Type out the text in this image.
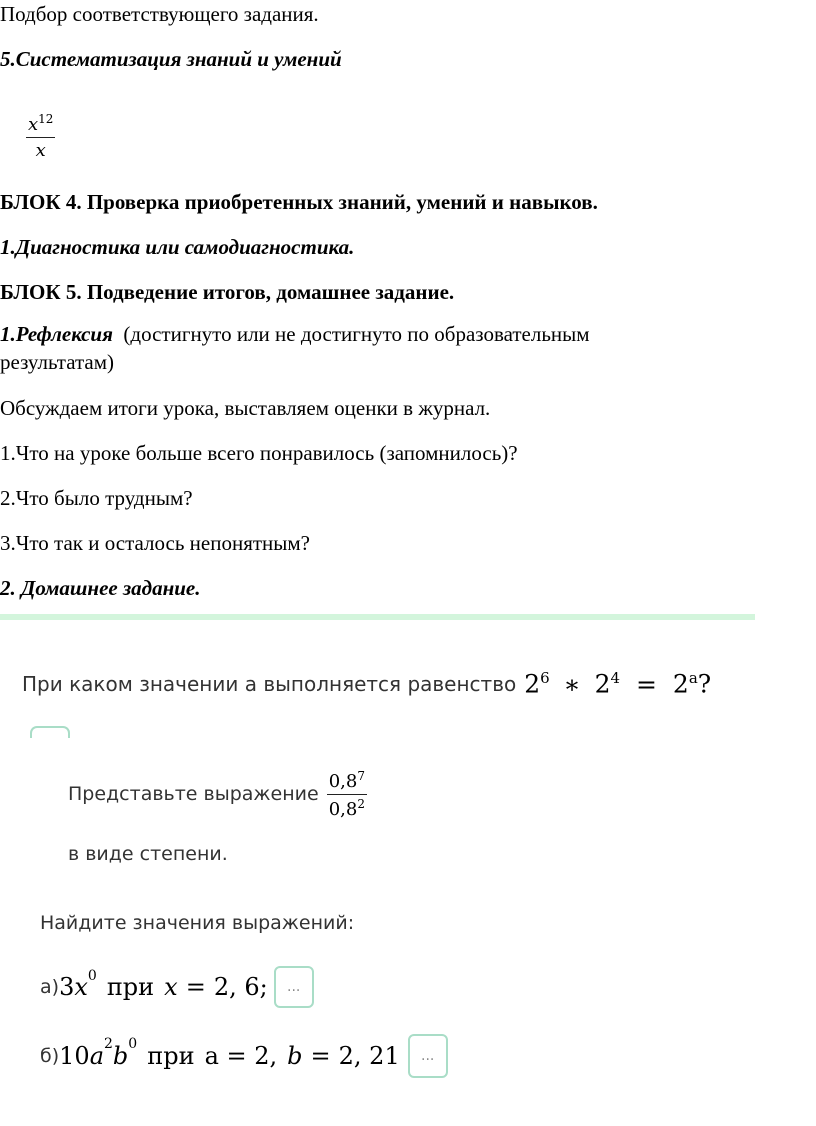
Подбор соответствующего задания.
5.Систематизация знаний и умений
$\frac{x^{12}}{x}$
БЛОК 4. Проверка приобретенных знаний, умений и навыков.
1.Диагностика или самодиагностика.
БЛОК 5. Подведение итогов, домашнее задание.
1.Рефлексия  (достигнуто или не достигнуто по образовательным
результатам)
Обсуждаем итоги урока, выставляем оценки в журнал.
1.Что на уроке больше всего понравилось (запомнилось)?
2.Что было трудным?
3.Что так и осталось непонятным?
2. Домашнее задание.
При каком значении a выполняется равенство $2^6$ ∗ $2^4 = 2^a$?
Представьте выражение $\frac{0,8^7}{0,8^2}$
в виде степени.
Найдите значения выражений:
а) 3 x 0 при x = 2, 6;	...
б) 10 a 2 b 0 при а = 2, b = 2, 21	...
